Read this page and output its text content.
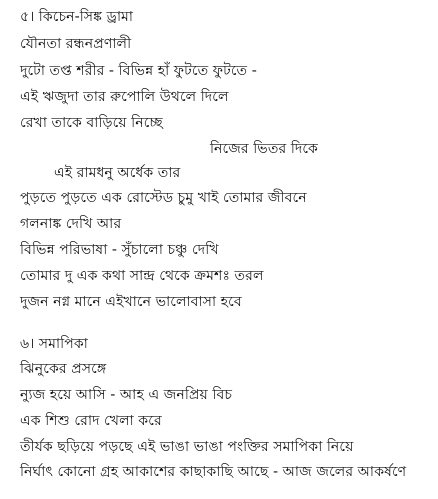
৫। কিচেন-সিঙ্ক ড্রামা
যৌনতা রন্ধনপ্রণালী
দুটো তপ্ত শরীর - বিভিন্ন হাঁ ফুটতে ফুটতে -
এই ঋজুদা তার রুপোলি উথলে দিলে
রেখা তাকে বাড়িয়ে নিচ্ছে
নিজের ভিতর দিকে
এই রামধনু অর্ধেক তার
পুড়তে পুড়তে এক রোস্টেড চুমু খাই তোমার জীবনে
গলনাঙ্ক দেখি আর
বিভিন্ন পরিভাষা - সুঁচালো চঞ্চু দেখি
তোমার দু এক কথা সান্দ্র থেকে ক্রমশঃ তরল
দুজন নগ্ন মানে এইখানে ভালোবাসা হবে
৬। সমাপিকা
ঝিনুকের প্রসঙ্গে
ন্যুজ হয়ে আসি - আহ এ জনপ্রিয় বিচ
এক শিশু রোদ খেলা করে
তীর্যক ছড়িয়ে পড়ছে এই ভাঙা ভাঙা পংক্তির সমাপিকা নিয়ে
নির্ঘাৎ কোনো গ্রহ আকাশের কাছাকাছি আছে - আজ জলের আকর্ষণে
